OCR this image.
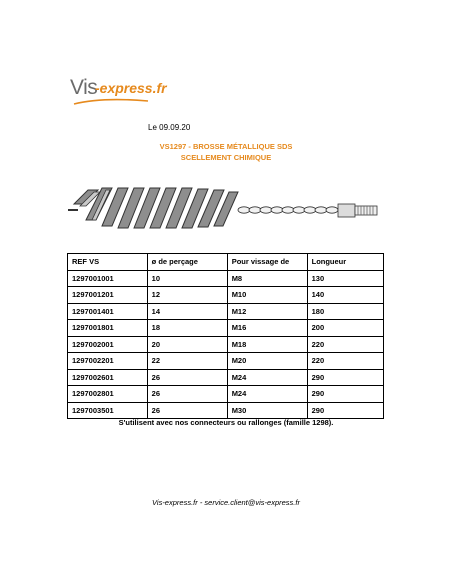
Vis
-express.fr
Le 09.09.20
VS1297 - BROSSE MÉTALLIQUE SDS
SCELLEMENT CHIMIQUE
REF VS	ø de perçage	Pour vissage de	Longueur
1297001001	10	M8	130
1297001201	12	M10	140
1297001401	14	M12	180
1297001801	18	M16	200
1297002001	20	M18	220
1297002201	22	M20	220
1297002601	26	M24	290
1297002801	26	M24	290
1297003501	26	M30	290
S'utilisent avec nos connecteurs ou rallonges (famille 1298).
Vis-express.fr - service.client@vis-express.fr
